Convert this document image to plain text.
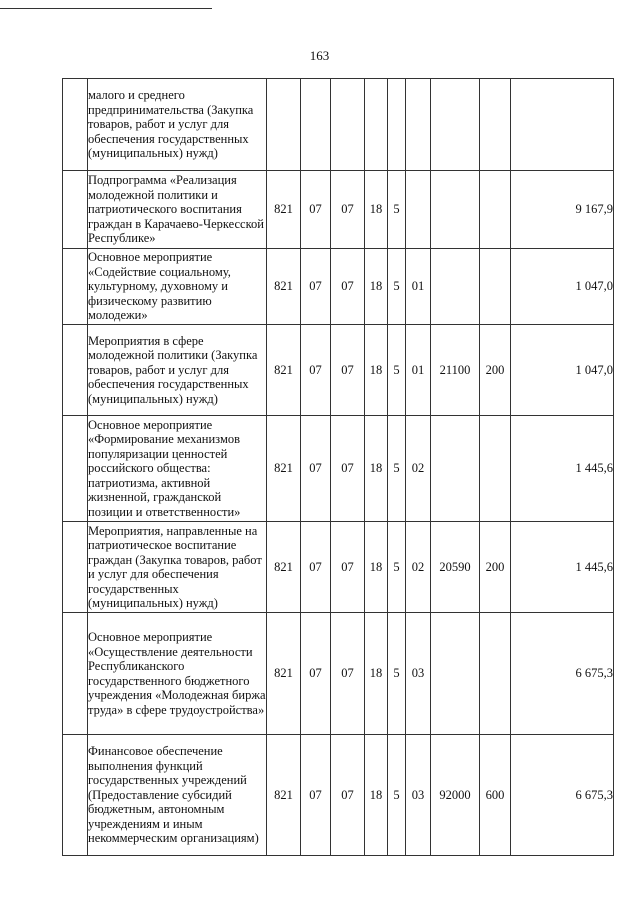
163
	малого и среднего предпринимательства (Закупка товаров, работ и услуг для обеспечения государственных (муниципальных) нужд)									
	Подпрограмма «Реализация молодежной политики и патриотического воспитания граждан в Карачаево-Черкесской Республике»	821	07	07	18	5				9 167,9
	Основное мероприятие «Содействие социальному, культурному, духовному и физическому развитию молодежи»	821	07	07	18	5	01			1 047,0
	Мероприятия в сфере молодежной политики (Закупка товаров, работ и услуг для обеспечения государственных (муниципальных) нужд)	821	07	07	18	5	01	21100	200	1 047,0
	Основное мероприятие «Формирование механизмов популяризации ценностей российского общества: патриотизма, активной жизненной, гражданской позиции и ответственности»	821	07	07	18	5	02			1 445,6
	Мероприятия, направленные на патриотическое воспитание граждан (Закупка товаров, работ и услуг для обеспечения государственных (муниципальных) нужд)	821	07	07	18	5	02	20590	200	1 445,6
	Основное мероприятие «Осуществление деятельности Республиканского государственного бюджетного учреждения «Молодежная биржа труда» в сфере трудоустройства»	821	07	07	18	5	03			6 675,3
	Финансовое обеспечение выполнения функций государственных учреждений (Предоставление субсидий бюджетным, автономным учреждениям и иным некоммерческим организациям)	821	07	07	18	5	03	92000	600	6 675,3
